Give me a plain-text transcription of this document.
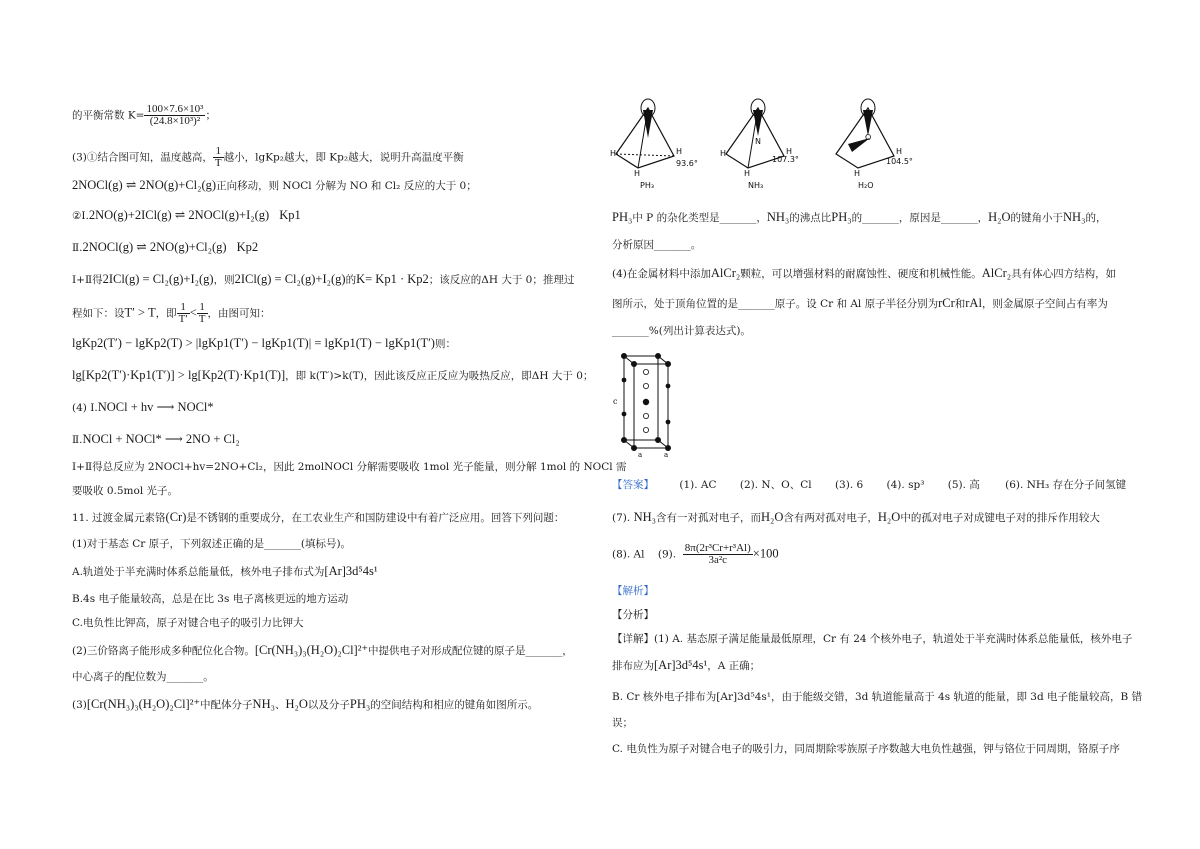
的平衡常数 $K= \frac{\text{100×7.6×10³}}{\text{(24.8×10³)²}}$ ；
(3)①结合图可知，温度越高， $\frac{1}{T}$ 越小，lgKp₂越大，即 Kp₂越大，说明升高温度平衡
2NOCl(g) ⇌ 2NO(g)+Cl₂(g)正向移动，则 NOCl 分解为 NO 和 Cl₂ 反应的大于 0；
②Ⅰ.2NO(g)+2ICl(g) ⇌ 2NOCl(g)+I₂(g) Kp1
Ⅱ.2NOCl(g) ⇌ 2NO(g)+Cl₂(g) Kp2
Ⅰ+Ⅱ得2ICl(g) = Cl₂(g)+I₂(g)，则2ICl(g) = Cl₂(g)+I₂(g)的K= Kp1 · Kp2；该反应的ΔH 大于 0；推理过
程如下：设T′ > T，即 $\frac{1}{T'} < \frac{1}{T}$ ，由图可知：
lgKp2(T′) − lgKp2(T) > |lgKp1(T′) − lgKp1(T)| = lgKp1(T) − lgKp1(T′)则：
lg[Kp2(T′)·Kp1(T′)] > lg[Kp2(T)·Kp1(T)]，即 k(T′)>k(T)，因此该反应正反应为吸热反应，即ΔH 大于 0；
(4) Ⅰ.NOCl + hv ⟶ NOCl*
Ⅱ.NOCl + NOCl* ⟶ 2NO + Cl₂
Ⅰ+Ⅱ得总反应为 2NOCl+hv=2NO+Cl₂，因此 2molNOCl 分解需要吸收 1mol 光子能量，则分解 1mol 的 NOCl 需
要吸收 0.5mol 光子。
11. 过渡金属元素铬(Cr)是不锈钢的重要成分，在工农业生产和国防建设中有着广泛应用。回答下列问题：
(1)对于基态 Cr 原子，下列叙述正确的是_______(填标号)。
A.轨道处于半充满时体系总能量低，核外电子排布式为[Ar]3d⁵4s¹
B.4s 电子能量较高，总是在比 3s 电子离核更远的地方运动
C.电负性比钾高，原子对键合电子的吸引力比钾大
(2)三价铬离子能形成多种配位化合物。[Cr(NH₃)₃(H₂O)₂Cl]²⁺中提供电子对形成配位键的原子是_______，
中心离子的配位数为_______。
(3)[Cr(NH₃)₃(H₂O)₂Cl]²⁺中配体分子NH₃、H₂O以及分子PH₃的空间结构和相应的键角如图所示。
H	H
H
93.6°
PH₃
N
H	H
H
107.3°
NH₃
O
H
H
104.5°
H₂O
PH₃中 P 的杂化类型是_______，NH₃的沸点比PH₃的_______，原因是_______，H₂O的键角小于NH₃的，
分析原因_______。
(4)在金属材料中添加AlCr₂颗粒，可以增强材料的耐腐蚀性、硬度和机械性能。AlCr₂具有体心四方结构，如
图所示，处于顶角位置的是_______原子。设 Cr 和 Al 原子半径分别为rCr和rAl，则金属原子空间占有率为
_______%(列出计算表达式)。
c
a	a
【答案】 (1). AC (2). N、O、Cl (3). 6 (4). sp³ (5). 高 (6). NH₃ 存在分子间氢键
(7). NH₃含有一对孤对电子，而H₂O含有两对孤对电子，H₂O中的孤对电子对成键电子对的排斥作用较大
(8). Al (9). $\frac{\text{8π(2r³Cr+r³Al)}}{\text{3a²c}} \times 100$
【解析】
【分析】
【详解】(1) A. 基态原子满足能量最低原理，Cr 有 24 个核外电子，轨道处于半充满时体系总能量低，核外电子
排布应为[Ar]3d⁵4s¹，A 正确；
B. Cr 核外电子排布为[Ar]3d⁵4s¹，由于能级交错，3d 轨道能量高于 4s 轨道的能量，即 3d 电子能量较高，B 错
误；
C. 电负性为原子对键合电子的吸引力，同周期除零族原子序数越大电负性越强，钾与铬位于同周期，铬原子序
